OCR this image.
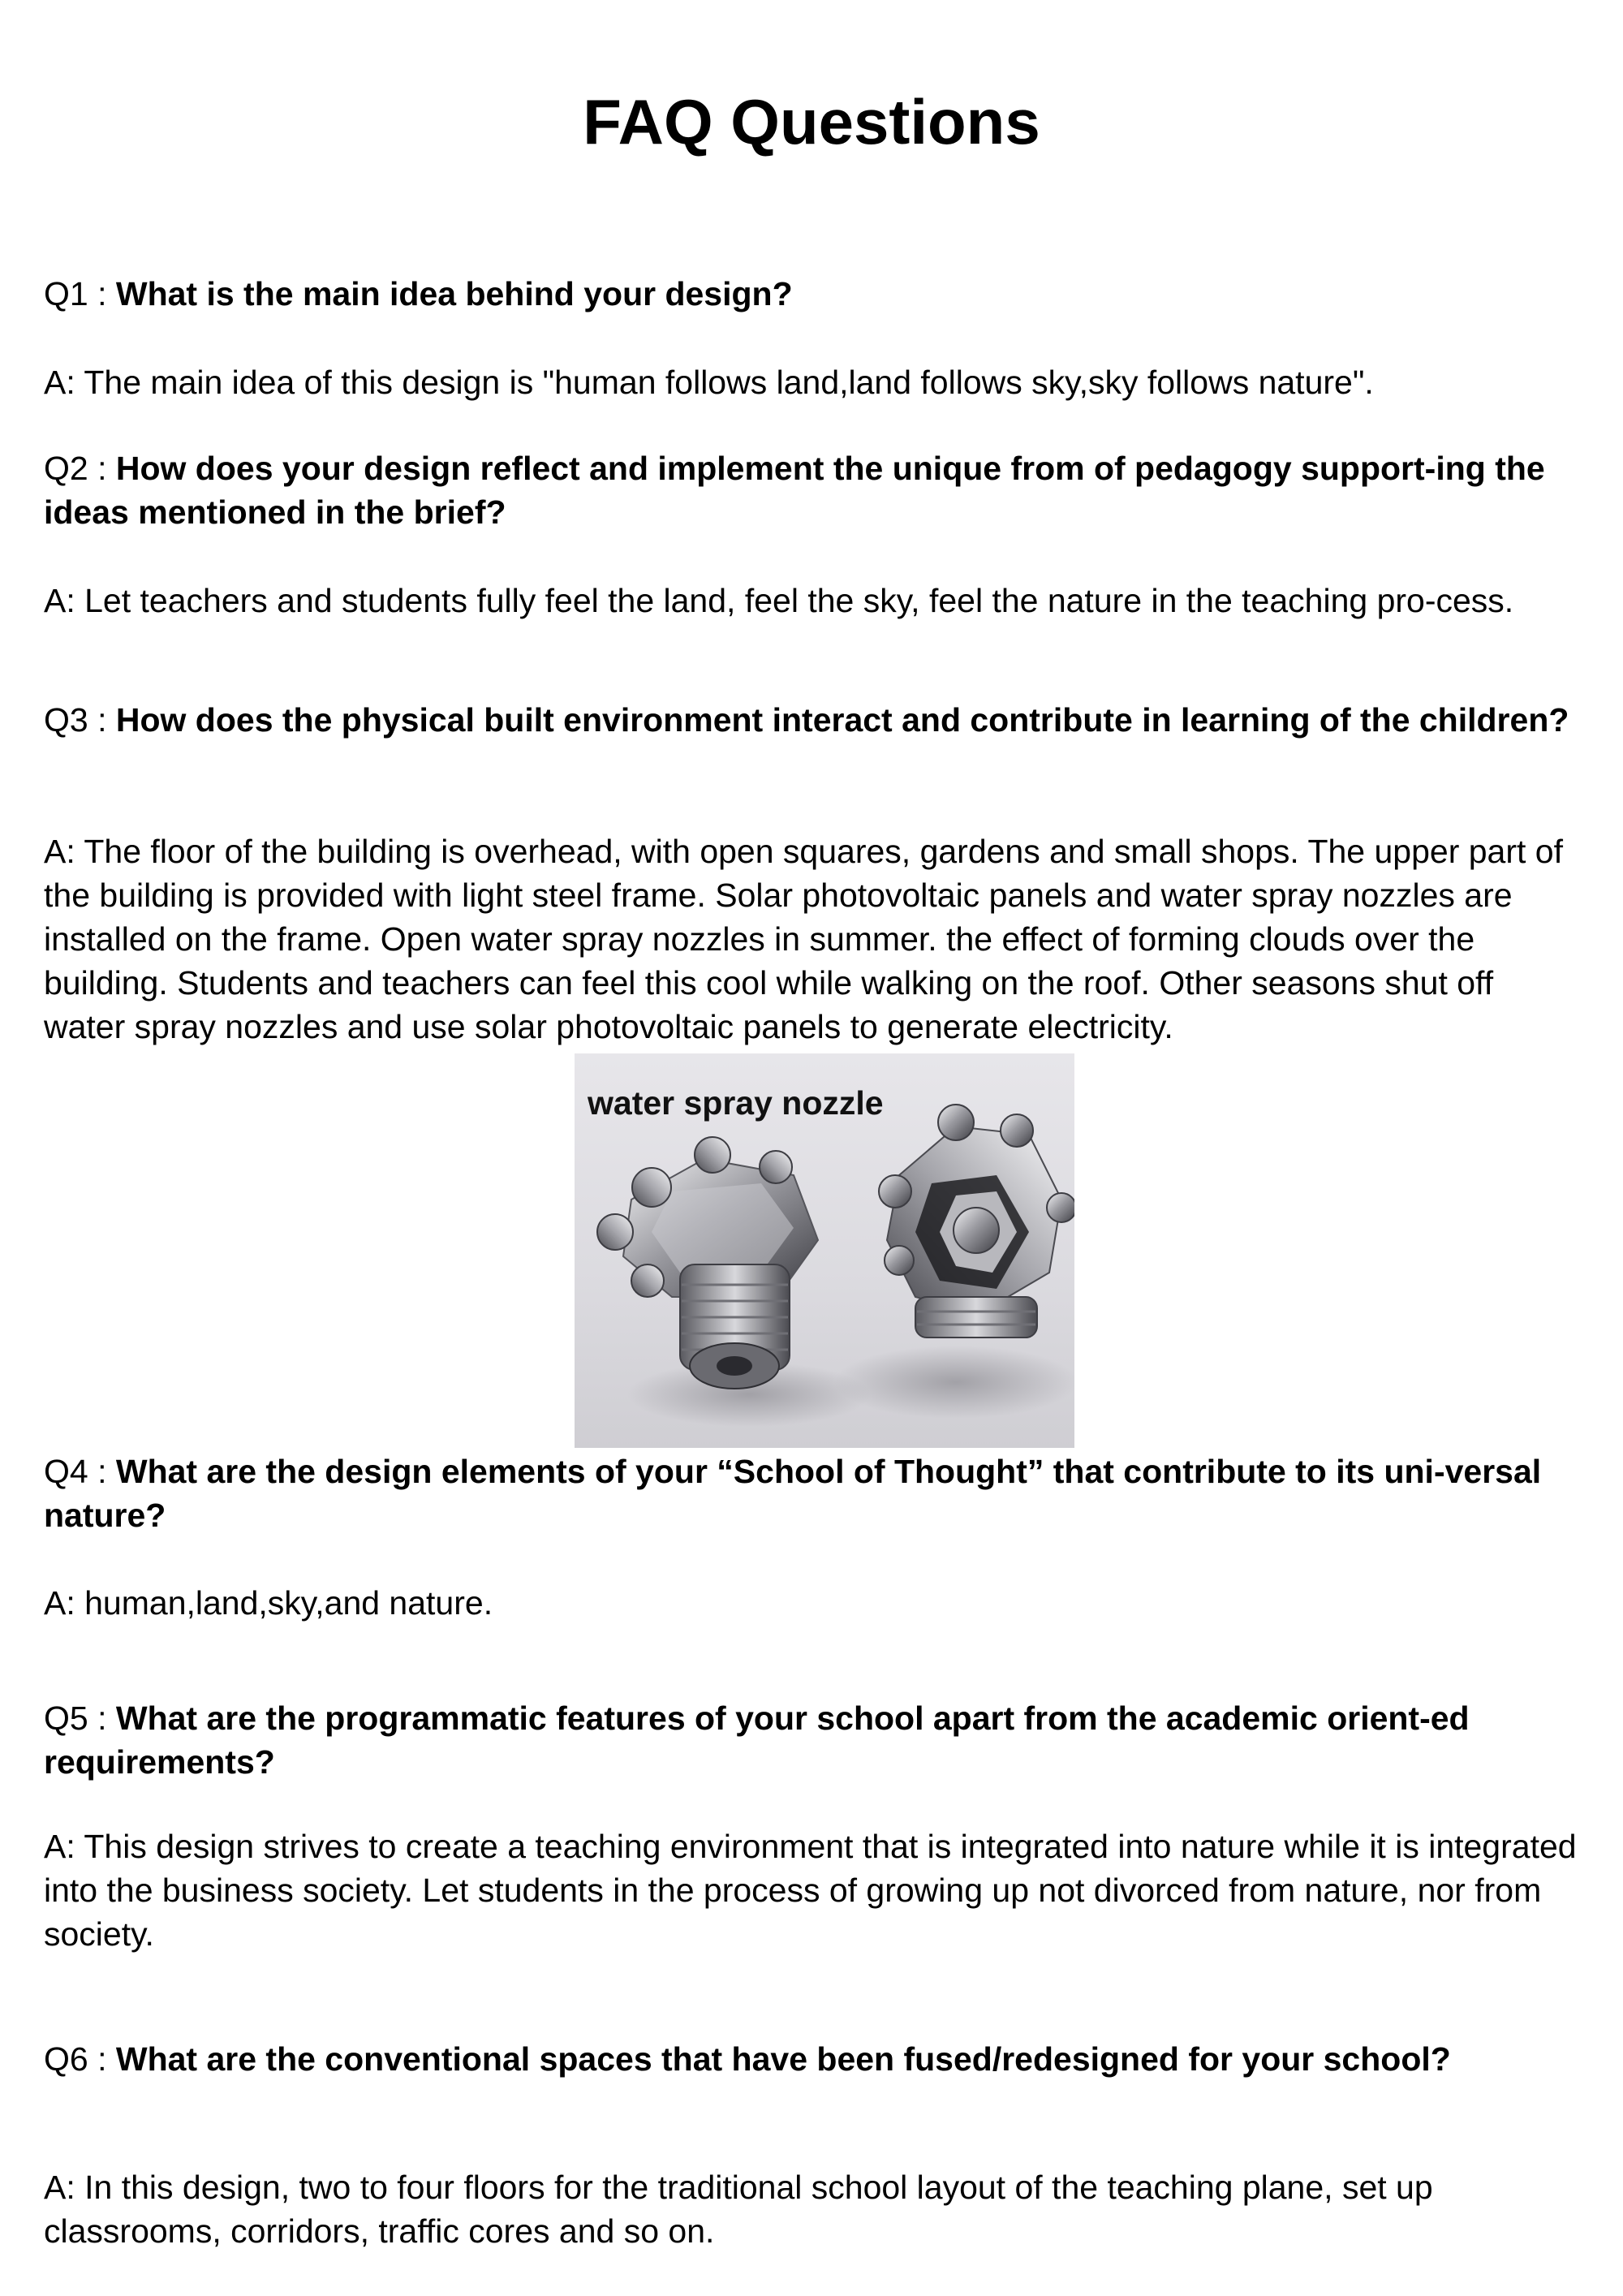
FAQ Questions

Q1 : What is the main idea behind your design?

A: The main idea of this design is "human follows land,land follows sky,sky follows nature".

Q2 : How does your design reflect and implement the unique from of pedagogy support-ing the ideas mentioned in the brief?

A: Let teachers and students fully feel the land, feel the sky, feel the nature in the teaching pro-cess.

Q3 : How does the physical built environment interact and contribute in learning of the children?

A: The floor of the building is overhead, with open squares, gardens and small shops. The upper part of the building is provided with light steel frame. Solar photovoltaic panels and water spray nozzles are installed on the frame. Open water spray nozzles in summer. the effect of forming clouds over the building. Students and teachers can feel this cool while walking on the roof. Other seasons shut off water spray nozzles and use solar photovoltaic panels to generate electricity.

water spray nozzle

Q4 : What are the design elements of your “School of Thought” that contribute to its uni-versal nature?

A: human,land,sky,and nature.

Q5 : What are the programmatic features of your school apart from the academic orient-ed requirements?

A: This design strives to create a teaching environment that is integrated into nature while it is integrated into the business society. Let students in the process of growing up not divorced from nature, nor from society.

Q6 : What are the conventional spaces that have been fused/redesigned for your school?

A: In this design, two to four floors for the traditional school layout of the teaching plane, set up classrooms, corridors, traffic cores and so on.
